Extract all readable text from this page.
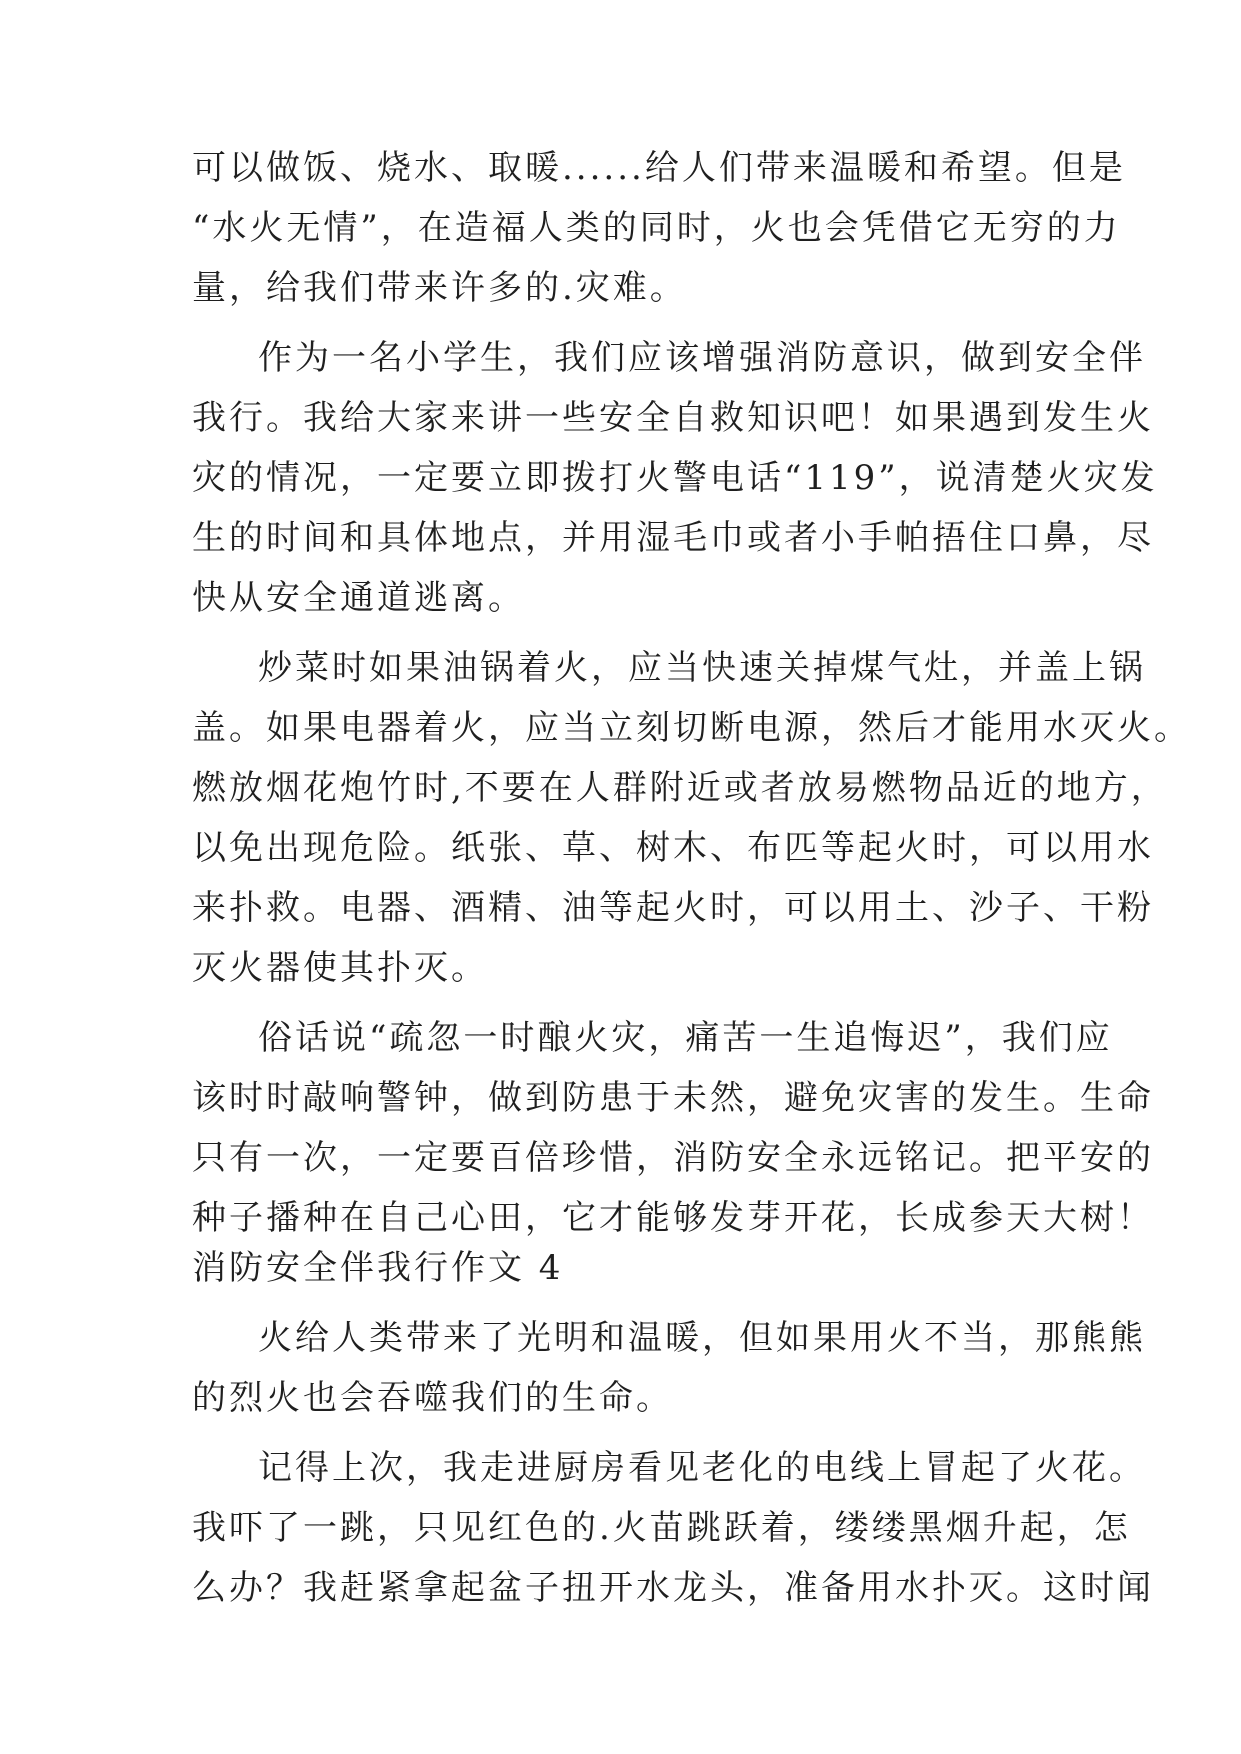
可以做饭、烧水、取暖......给人们带来温暖和希望。但是
“水火无情”，在造福人类的同时，火也会凭借它无穷的力
量，给我们带来许多的.灾难。
作为一名小学生，我们应该增强消防意识，做到安全伴
我行。我给大家来讲一些安全自救知识吧！如果遇到发生火
灾的情况，一定要立即拨打火警电话“119”，说清楚火灾发
生的时间和具体地点，并用湿毛巾或者小手帕捂住口鼻，尽
快从安全通道逃离。
炒菜时如果油锅着火，应当快速关掉煤气灶，并盖上锅
盖。如果电器着火，应当立刻切断电源，然后才能用水灭火。
燃放烟花炮竹时,不要在人群附近或者放易燃物品近的地方，
以免出现危险。纸张、草、树木、布匹等起火时，可以用水
来扑救。电器、酒精、油等起火时，可以用土、沙子、干粉
灭火器使其扑灭。
俗话说“疏忽一时酿火灾，痛苦一生追悔迟”，我们应
该时时敲响警钟，做到防患于未然，避免灾害的发生。生命
只有一次，一定要百倍珍惜，消防安全永远铭记。把平安的
种子播种在自己心田，它才能够发芽开花，长成参天大树！
消防安全伴我行作文 4
火给人类带来了光明和温暖，但如果用火不当，那熊熊
的烈火也会吞噬我们的生命。
记得上次，我走进厨房看见老化的电线上冒起了火花。
我吓了一跳，只见红色的.火苗跳跃着，缕缕黑烟升起，怎
么办？我赶紧拿起盆子扭开水龙头，准备用水扑灭。这时闻
